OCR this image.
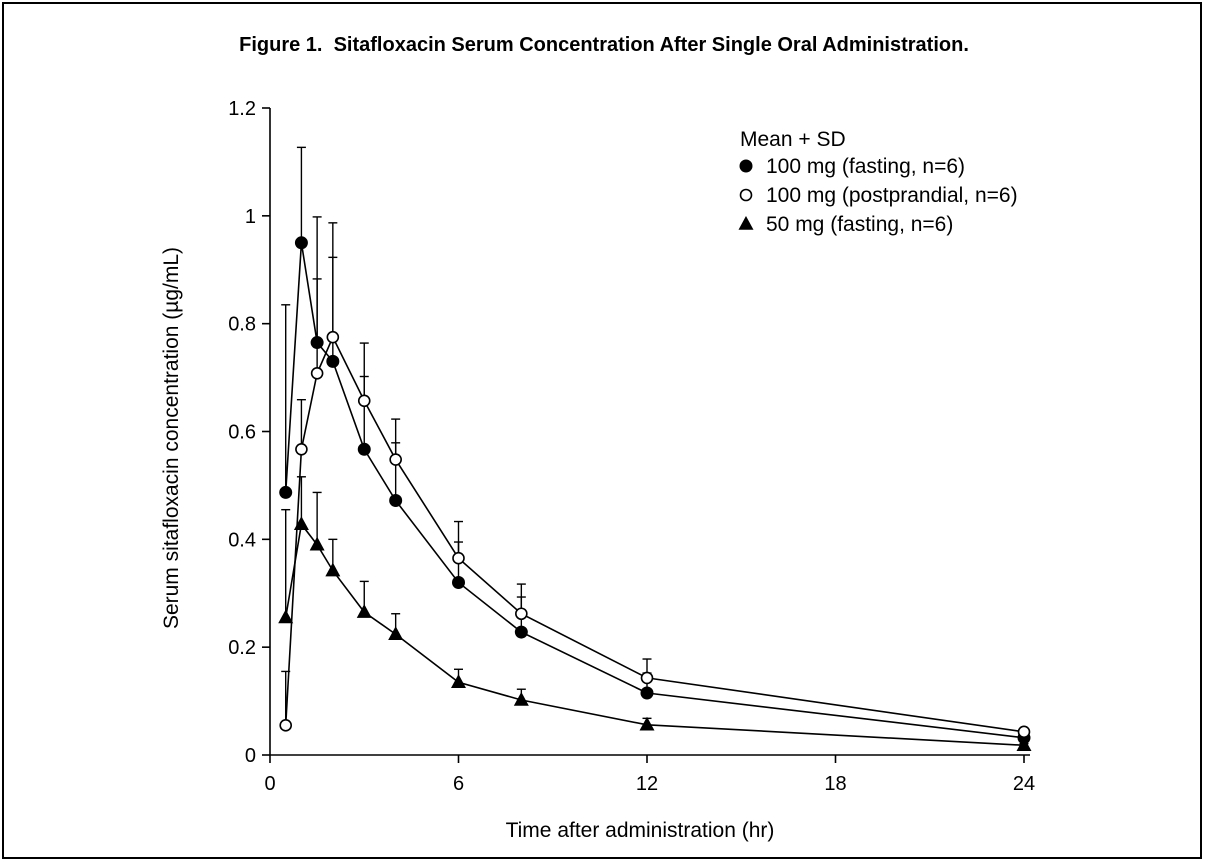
Figure 1.  Sitafloxacin Serum Concentration After Single Oral Administration.
0
0.2
0.4
0.6
0.8
1
1.2
0	6	12	18	24
100 mg (fasting, n=6)
100 mg (postprandial, n=6)
50 mg (fasting, n=6)
Time after administration (hr)
Serum sitafloxacin concentration (µg/mL)
Mean + SD
